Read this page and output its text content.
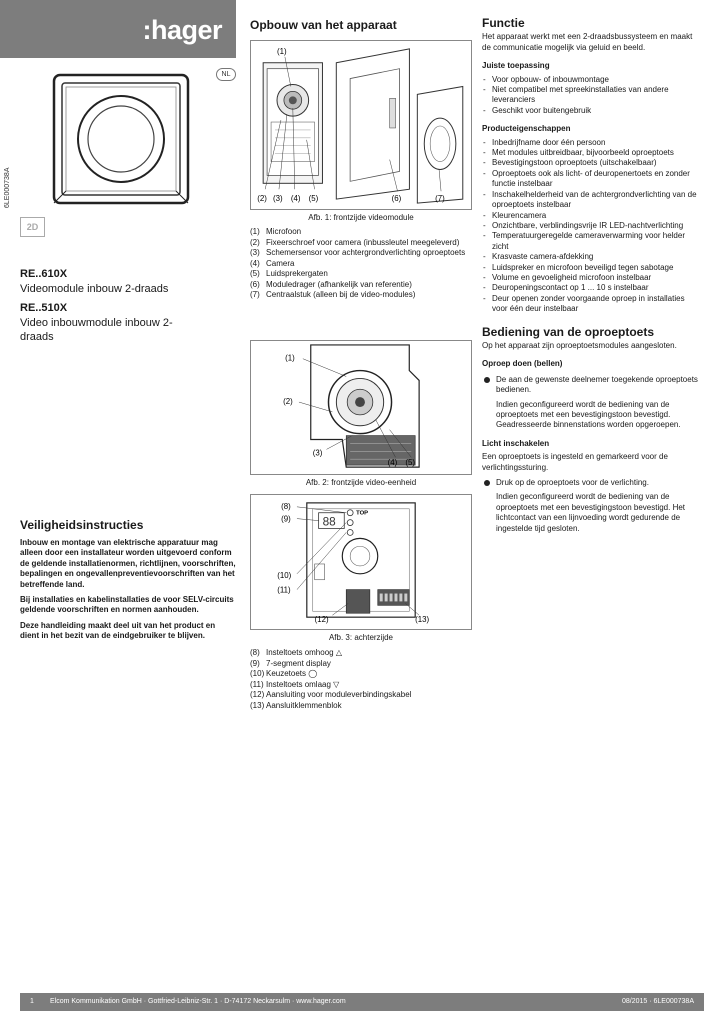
:hager
NL
6LE000738A
2D
RE..610X
Videomodule inbouw 2-draads
RE..510X
Video inbouwmodule inbouw 2-draads
Veiligheidsinstructies

Inbouw en montage van elektrische apparatuur mag alleen door een installateur worden uitgevoerd conform de geldende installatienormen, richtlijnen, voorschriften, bepalingen en ongevallenpreventievoorschriften van het betreffende land.

Bij installaties en kabelinstallaties de voor SELV-circuits geldende voorschriften en normen aanhouden.

Deze handleiding maakt deel uit van het product en dient in het bezit van de eindgebruiker te blijven.

Opbouw van het apparaat
(1)
(2) (3) (4) (5)	(6)	(7)
Afb. 1: frontzijde videomodule
(1) Microfoon
(2) Fixeerschroef voor camera (inbussleutel meegeleverd)
(3) Schemersensor voor achtergrondverlichting oproeptoets
(4) Camera
(5) Luidsprekergaten
(6) Moduledrager (afhankelijk van referentie)
(7) Centraalstuk (alleen bij de video-modules)
(1)
(2)
(3)
(4) (5)
Afb. 2: frontzijde video-eenheid
88
TOP
(8)
(9)
(10)
(11)
(12)	(13)
Afb. 3: achterzijde
(8) Insteltoets omhoog △
(9) 7-segment display
(10) Keuzetoets ◯
(11) Insteltoets omlaag ▽
(12) Aansluiting voor moduleverbindingskabel
(13) Aansluitklemmenblok
Functie

Het apparaat werkt met een 2-draadsbussysteem en maakt de communicatie mogelijk via geluid en beeld.

Juiste toepassing
- Voor opbouw- of inbouwmontage
- Niet compatibel met spreekinstallaties van andere leveranciers
- Geschikt voor buitengebruik
Producteigenschappen
- Inbedrijfname door één persoon
- Met modules uitbreidbaar, bijvoorbeeld oproeptoets
- Bevestigingstoon oproeptoets (uitschakelbaar)
- Oproeptoets ook als licht- of deuropenertoets en zonder functie instelbaar
- Inschakelhelderheid van de achtergrondverlichting van de oproeptoets instelbaar
- Kleurencamera
- Onzichtbare, verblindingsvrije IR LED-nachtverlichting
- Temperatuurgeregelde cameraverwarming voor helder zicht
- Krasvaste camera-afdekking
- Luidspreker en microfoon beveiligd tegen sabotage
- Volume en gevoeligheid microfoon instelbaar
- Deuropeningscontact op 1 ... 10 s instelbaar
- Deur openen zonder voorgaande oproep in installaties voor één deur instelbaar
Bediening van de oproeptoets

Op het apparaat zijn oproeptoetsmodules aangesloten.

Oproep doen (bellen)
De aan de gewenste deelnemer toegekende oproeptoets bedienen.

Indien geconfigureerd wordt de bediening van de oproeptoets met een bevestigingstoon bevestigd. Geadresseerde binnenstations worden opgeroepen.

Licht inschakelen

Een oproeptoets is ingesteld en gemarkeerd voor de verlichtingssturing.

Druk op de oproeptoets voor de verlichting.

Indien geconfigureerd wordt de bediening van de oproeptoets met een bevestigingstoon bevestigd. Het lichtcontact van een lijnvoeding wordt gedurende de ingestelde tijd gesloten.

1 Elcom Kommunikation GmbH · Gottfried-Leibniz-Str. 1 · D-74172 Neckarsulm · www.hager.com	08/2015 · 6LE000738A
